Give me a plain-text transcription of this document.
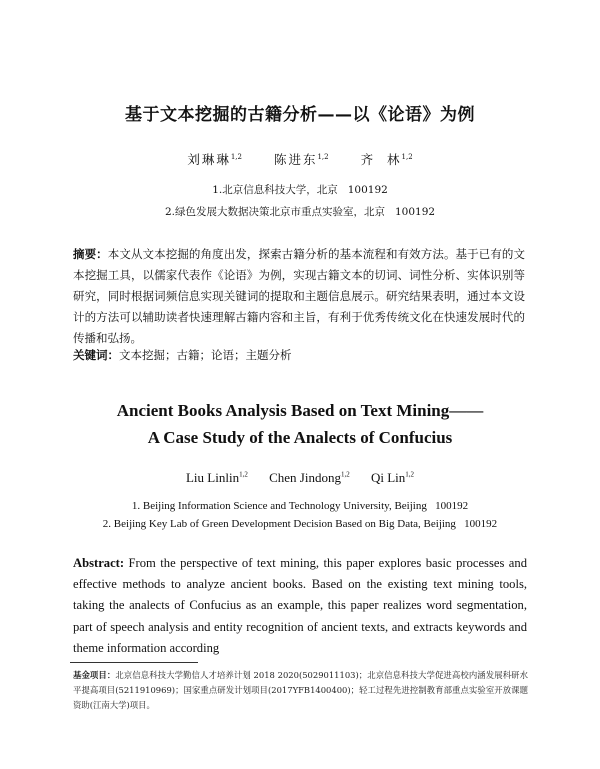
基于文本挖掘的古籍分析——以《论语》为例
刘琳琳$^{1,2}$	陈进东$^{1,2}$	齐  林$^{1,2}$
1.北京信息科技大学，北京   100192
2.绿色发展大数据决策北京市重点实验室，北京   100192
摘要：本文从文本挖掘的角度出发，探索古籍分析的基本流程和有效方法。基于已有的文本挖掘工具，以儒家代表作《论语》为例，实现古籍文本的切词、词性分析、实体识别等研究，同时根据词频信息实现关键词的提取和主题信息展示。研究结果表明，通过本文设计的方法可以辅助读者快速理解古籍内容和主旨，有利于优秀传统文化在快速发展时代的传播和弘扬。
关键词：文本挖掘；古籍；论语；主题分析
Ancient Books Analysis Based on Text Mining——
A Case Study of the Analects of Confucius
Liu Linlin$^{1,2}$ Chen Jindong$^{1,2}$ Qi Lin$^{1,2}$
1. Beijing Information Science and Technology University, Beijing   100192
2. Beijing Key Lab of Green Development Decision Based on Big Data, Beijing   100192
Abstract: From the perspective of text mining, this paper explores basic processes and effective methods to analyze ancient books. Based on the existing text mining tools, taking the analects of Confucius as an example, this paper realizes word segmentation, part of speech analysis and entity recognition of ancient texts, and extracts keywords and theme information according
基金项目：北京信息科技大学勤信人才培养计划 2018 2020(5029011103)；北京信息科技大学促进高校内涵发展科研水平提高项目(5211910969)；国家重点研发计划项目(2017YFB1400400)；轻工过程先进控制教育部重点实验室开放课题资助(江南大学)项目。
